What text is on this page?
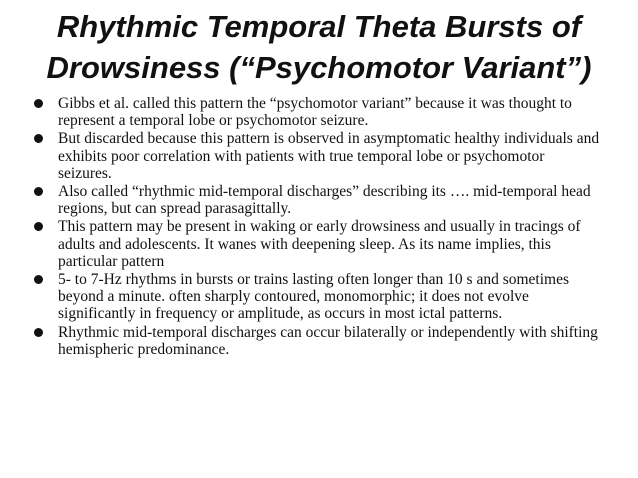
Rhythmic Temporal Theta Bursts of
Drowsiness (“Psychomotor Variant”)
Gibbs et al. called this pattern the “psychomotor variant” because it was thought to represent a temporal lobe or psychomotor seizure.
But discarded because this pattern is observed in asymptomatic healthy individuals and exhibits poor correlation with patients with true temporal lobe or psychomotor seizures.
Also called “rhythmic mid-temporal discharges” describing its …. mid-temporal head regions, but can spread parasagittally.
This pattern may be present in waking or early drowsiness and usually in tracings of adults and adolescents. It wanes with deepening sleep. As its name implies, this particular pattern
5- to 7-Hz rhythms in bursts or trains lasting often longer than 10 s and sometimes beyond a minute. often sharply contoured, monomorphic; it does not evolve significantly in frequency or amplitude, as occurs in most ictal patterns.
Rhythmic mid-temporal discharges can occur bilaterally or independently with shifting hemispheric predominance.
